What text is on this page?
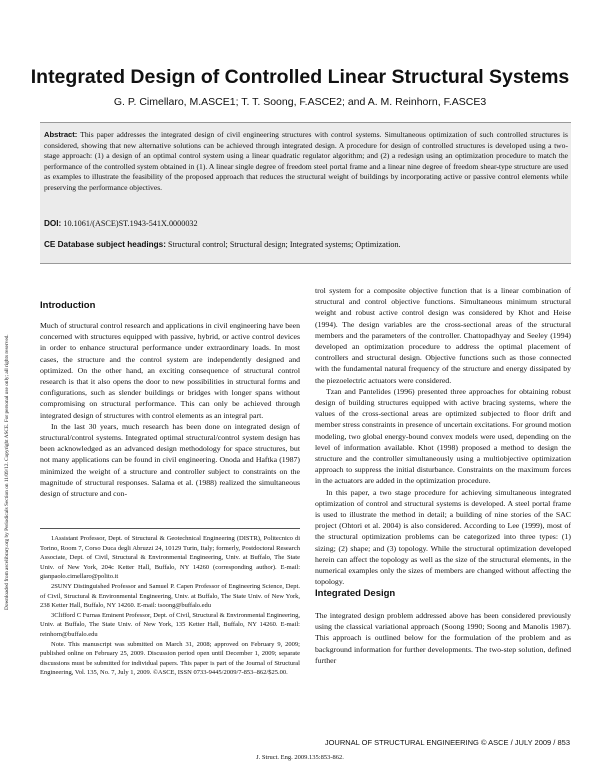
Downloaded from ascelibrary.org by Periodicals Section on 11/09/12. Copyright ASCE. For personal use only; all rights reserved.
Integrated Design of Controlled Linear Structural Systems
G. P. Cimellaro, M.ASCE1; T. T. Soong, F.ASCE2; and A. M. Reinhorn, F.ASCE3
Abstract: This paper addresses the integrated design of civil engineering structures with control systems. Simultaneous optimization of such controlled structures is considered, showing that new alternative solutions can be achieved through integrated design. A procedure for design of controlled structures is developed using a two-stage approach: (1) a design of an optimal control system using a linear quadratic regulator algorithm; and (2) a redesign using an optimization procedure to match the performance of the controlled system obtained in (1). A linear single degree of freedom steel portal frame and a linear nine degree of freedom shear-type structure are used as examples to illustrate the feasibility of the proposed approach that reduces the structural weight of buildings by incorporating active or passive control elements while preserving the performance objectives.
DOI: 10.1061/(ASCE)ST.1943-541X.0000032
CE Database subject headings: Structural control; Structural design; Integrated systems; Optimization.
Introduction

Much of structural control research and applications in civil engineering have been concerned with structures equipped with passive, hybrid, or active control devices in order to enhance structural performance under extraordinary loads. In most cases, the structure and the control system are independently designed and optimized. On the other hand, an exciting consequence of structural control research is that it also opens the door to new possibilities in structural forms and configurations, such as slender buildings or bridges with longer spans without compromising on structural performance. This can only be achieved through integrated design of structures with control elements as an integral part.

In the last 30 years, much research has been done on integrated design of structural/control systems. Integrated optimal structural/control system design has been acknowledged as an advanced design methodology for space structures, but not many applications can be found in civil engineering. Onoda and Haftka (1987) minimized the weight of a structure and controller subject to constraints on the magnitude of structural responses. Salama et al. (1988) realized the simultaneous design of structure and con-

1Assistant Professor, Dept. of Structural & Geotechnical Engineering (DISTR), Politecnico di Torino, Room 7, Corso Duca degli Abruzzi 24, 10129 Turin, Italy; formerly, Postdoctoral Research Associate, Dept. of Civil, Structural & Environmental Engineering, Univ. at Buffalo, The State Univ. of New York, 204c Ketter Hall, Buffalo, NY 14260 (corresponding author). E-mail: gianpaolo.cimellaro@polito.it

2SUNY Distinguished Professor and Samuel P. Capen Professor of Engineering Science, Dept. of Civil, Structural & Environmental Engineering, Univ. at Buffalo, The State Univ. of New York, 238 Ketter Hall, Buffalo, NY 14260. E-mail: tsoong@buffalo.edu

3Clifford C Furnas Eminent Professor, Dept. of Civil, Structural & Environmental Engineering, Univ. at Buffalo, The State Univ. of New York, 135 Ketter Hall, Buffalo, NY 14260. E-mail: reinhorn@buffalo.edu

Note. This manuscript was submitted on March 31, 2008; approved on February 9, 2009; published online on February 25, 2009. Discussion period open until December 1, 2009; separate discussions must be submitted for individual papers. This paper is part of the Journal of Structural Engineering, Vol. 135, No. 7, July 1, 2009. ©ASCE, ISSN 0733-9445/2009/7-853–862/$25.00.

trol system for a composite objective function that is a linear combination of structural and control objective functions. Simultaneous minimum structural weight and robust active control design was considered by Khot and Heise (1994). The design variables are the cross-sectional areas of the structural members and the parameters of the controller. Chattopadhyay and Seeley (1994) developed an optimization procedure to address the optimal placement of controllers and structural design. Objective functions such as those connected with the fundamental natural frequency of the structure and energy dissipated by the piezoelectric actuators were considered.

Tzan and Pantelides (1996) presented three approaches for obtaining robust design of building structures equipped with active bracing systems, where the values of the cross-sectional areas are optimized subjected to floor drift and member stress constraints in presence of uncertain excitations. For ground motion modeling, two global energy-bound convex models were used, depending on the level of information available. Khot (1998) proposed a method to design the structure and the controller simultaneously using a multiobjective optimization approach to suppress the initial disturbance. Constraints on the maximum forces in the actuators are added in the optimization procedure.

In this paper, a two stage procedure for achieving simultaneous integrated optimization of control and structural systems is developed. A steel portal frame is used to illustrate the method in detail; a building of nine stories of the SAC project (Ohtori et al. 2004) is also considered. According to Lee (1999), most of the structural optimization problems can be categorized into three types: (1) sizing; (2) shape; and (3) topology. While the structural optimization developed herein can affect the topology as well as the size of the structural elements, in the numerical examples only the sizes of members are changed without affecting the topology.

Integrated Design

The integrated design problem addressed above has been considered previously using the classical variational approach (Soong 1990; Soong and Manolis 1987). This approach is outlined below for the formulation of the problem and as background information for further developments. The two-step solution, defined further

JOURNAL OF STRUCTURAL ENGINEERING © ASCE / JULY 2009 / 853
J. Struct. Eng. 2009.135:853-862.
